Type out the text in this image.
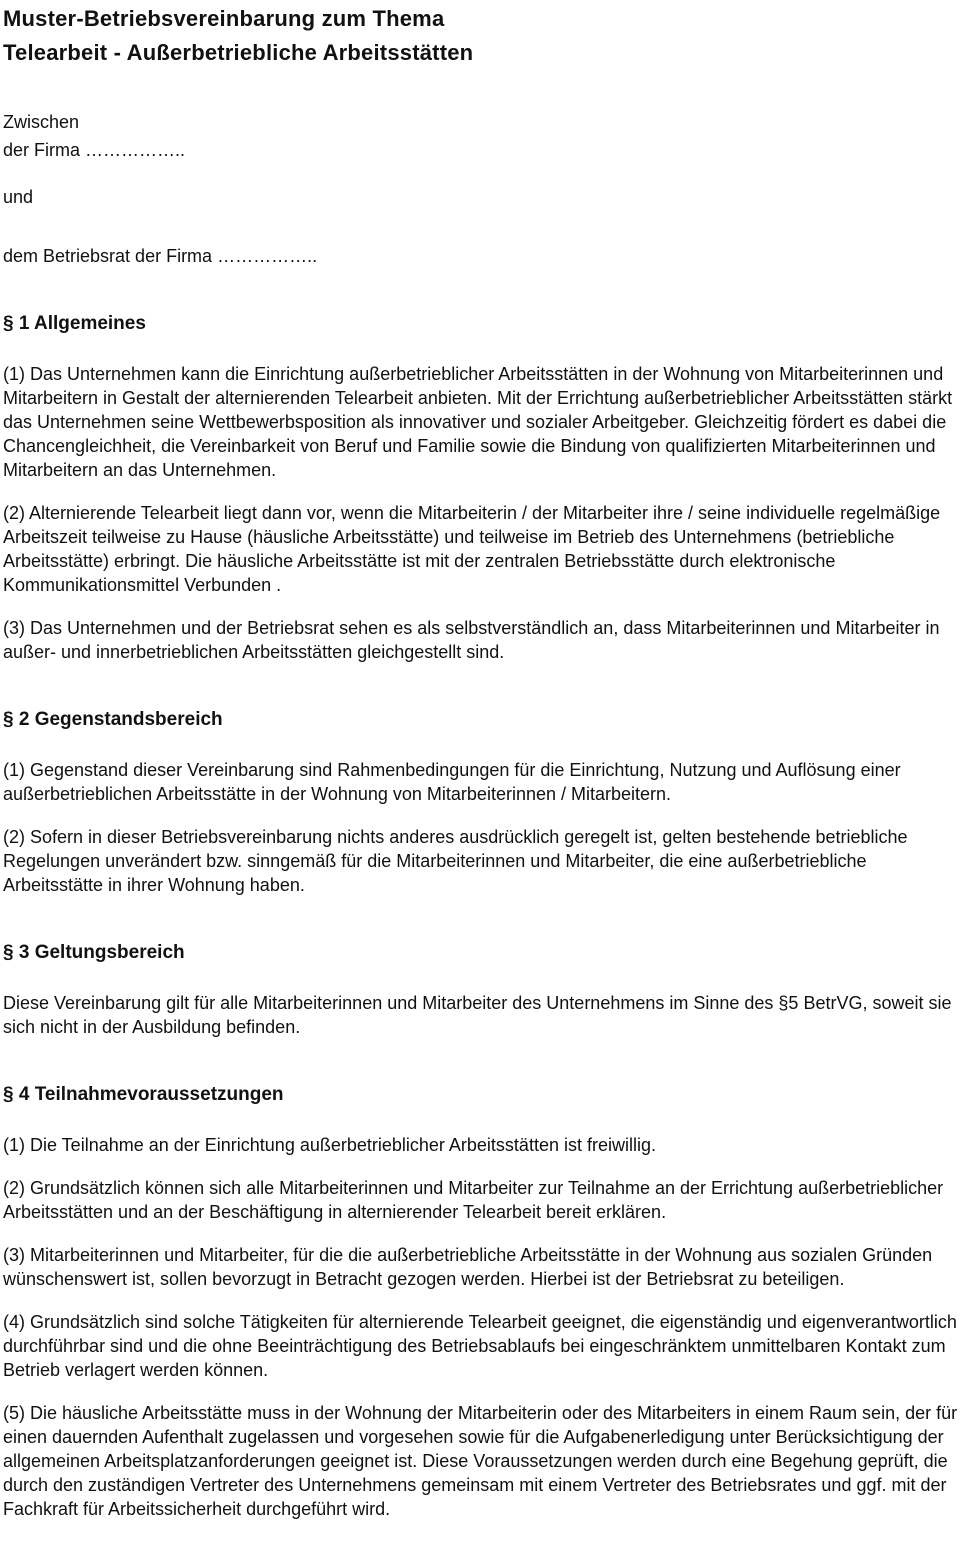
Muster-Betriebsvereinbarung zum Thema
Telearbeit - Außerbetriebliche Arbeitsstätten

Zwischen

der Firma ……………..

und

dem Betriebsrat der Firma ……………..

§ 1 Allgemeines

(1) Das Unternehmen kann die Einrichtung außerbetrieblicher Arbeitsstätten in der Wohnung von Mitarbeiterinnen und Mitarbeitern in Gestalt der alternierenden Telearbeit anbieten. Mit der Errichtung außerbetrieblicher Arbeitsstätten stärkt das Unternehmen seine Wettbewerbsposition als innovativer und sozialer Arbeitgeber. Gleichzeitig fördert es dabei die Chancengleichheit, die Vereinbarkeit von Beruf und Familie sowie die Bindung von qualifizierten Mitarbeiterinnen und Mitarbeitern an das Unternehmen.

(2) Alternierende Telearbeit liegt dann vor, wenn die Mitarbeiterin / der Mitarbeiter ihre / seine individuelle regelmäßige Arbeitszeit teilweise zu Hause (häusliche Arbeitsstätte) und teilweise im Betrieb des Unternehmens (betriebliche Arbeitsstätte) erbringt. Die häusliche Arbeitsstätte ist mit der zentralen Betriebsstätte durch elektronische Kommunikationsmittel Verbunden .

(3) Das Unternehmen und der Betriebsrat sehen es als selbstverständlich an, dass Mitarbeiterinnen und Mitarbeiter in außer- und innerbetrieblichen Arbeitsstätten gleichgestellt sind.

§ 2 Gegenstandsbereich

(1) Gegenstand dieser Vereinbarung sind Rahmenbedingungen für die Einrichtung, Nutzung und Auflösung einer außerbetrieblichen Arbeitsstätte in der Wohnung von Mitarbeiterinnen / Mitarbeitern.

(2) Sofern in dieser Betriebsvereinbarung nichts anderes ausdrücklich geregelt ist, gelten bestehende betriebliche Regelungen unverändert bzw. sinngemäß für die Mitarbeiterinnen und Mitarbeiter, die eine außerbetriebliche Arbeitsstätte in ihrer Wohnung haben.

§ 3 Geltungsbereich

Diese Vereinbarung gilt für alle Mitarbeiterinnen und Mitarbeiter des Unternehmens im Sinne des §5 BetrVG, soweit sie sich nicht in der Ausbildung befinden.

§ 4 Teilnahmevoraussetzungen

(1) Die Teilnahme an der Einrichtung außerbetrieblicher Arbeitsstätten ist freiwillig.

(2) Grundsätzlich können sich alle Mitarbeiterinnen und Mitarbeiter zur Teilnahme an der Errichtung außerbetrieblicher Arbeitsstätten und an der Beschäftigung in alternierender Telearbeit bereit erklären.

(3) Mitarbeiterinnen und Mitarbeiter, für die die außerbetriebliche Arbeitsstätte in der Wohnung aus sozialen Gründen wünschenswert ist, sollen bevorzugt in Betracht gezogen werden. Hierbei ist der Betriebsrat zu beteiligen.

(4) Grundsätzlich sind solche Tätigkeiten für alternierende Telearbeit geeignet, die eigenständig und eigenverantwortlich durchführbar sind und die ohne Beeinträchtigung des Betriebsablaufs bei eingeschränktem unmittelbaren Kontakt zum Betrieb verlagert werden können.

(5) Die häusliche Arbeitsstätte muss in der Wohnung der Mitarbeiterin oder des Mitarbeiters in einem Raum sein, der für einen dauernden Aufenthalt zugelassen und vorgesehen sowie für die Aufgabenerledigung unter Berücksichtigung der allgemeinen Arbeitsplatzanforderungen geeignet ist. Diese Voraussetzungen werden durch eine Begehung geprüft, die durch den zuständigen Vertreter des Unternehmens gemeinsam mit einem Vertreter des Betriebsrates und ggf. mit der Fachkraft für Arbeitssicherheit durchgeführt wird.
